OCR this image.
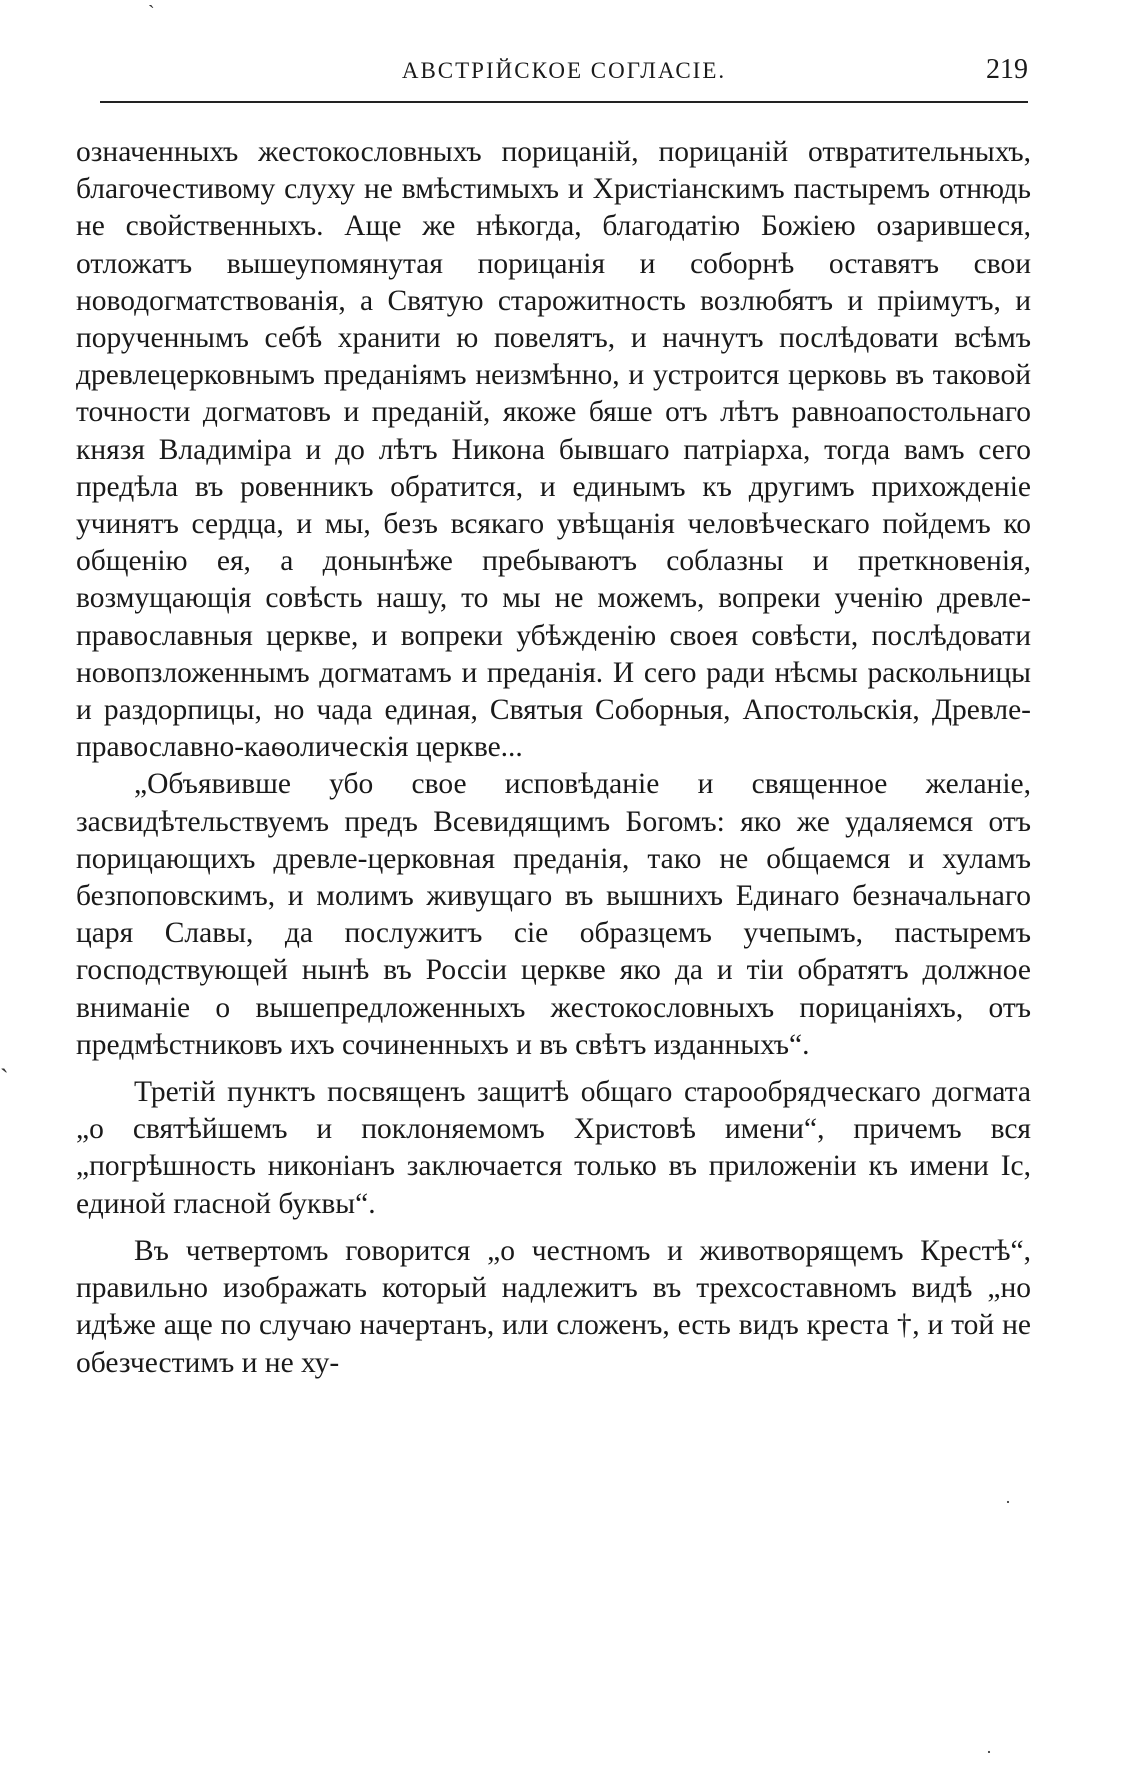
ˋ
ˏ
·
·
АВСТРІЙСКОЕ СОГЛАСІЕ.	219

означенныхъ жестокословныхъ порицаній, порицаній отвратительныхъ, благочестивому слуху не вмѣстимыхъ и Христіанскимъ пастыремъ отнюдь не свойственныхъ. Аще же нѣкогда, благодатію Божіею озарившеся, отложатъ вышеупомянутая порицанія и соборнѣ оставятъ свои новодогматствованія, а Святую старожитность возлюбятъ и пріимутъ, и порученнымъ себѣ хранити ю повелятъ, и начнутъ послѣдовати всѣмъ древлецерковнымъ преданіямъ неизмѣнно, и устроится церковь въ таковой точности догматовъ и преданій, якоже бяше отъ лѣтъ равноапостольнаго князя Владиміра и до лѣтъ Никона бывшаго патріарха, тогда вамъ сего предѣла въ ровенникъ обратится, и единымъ къ другимъ прихожденіе учинятъ сердца, и мы, безъ всякаго увѣщанія человѣческаго пойдемъ ко общенію ея, а донынѣже пребываютъ соблазны и преткновенія, возмущающія совѣсть нашу, то мы не можемъ, вопреки ученію древле-православныя церкве, и вопреки убѣжденію своея совѣсти, послѣдовати новопзложеннымъ догматамъ и преданія. И сего ради нѣсмы раскольницы и раздорпицы, но чада единая, Святыя Соборныя, Апостольскія, Древле-православно-каѳолическія церкве...

„Объявивше убо свое исповѣданіе и священное желаніе, засвидѣтельствуемъ предъ Всевидящимъ Богомъ: яко же удаляемся отъ порицающихъ древле-церковная преданія, тако не общаемся и хуламъ безпоповскимъ, и молимъ живущаго въ вышнихъ Единаго безначальнаго царя Славы, да послужитъ сіе образцемъ учепымъ, пастыремъ господствующей нынѣ въ Россіи церкве яко да и тіи обратятъ должное вниманіе о вышепредложенныхъ жестокословныхъ порицаніяхъ, отъ предмѣстниковъ ихъ сочиненныхъ и въ свѣтъ изданныхъ“.

Третій пунктъ посвященъ защитѣ общаго старообрядческаго догмата „о святѣйшемъ и поклоняемомъ Христовѣ имени“, причемъ вся „погрѣшность никоніанъ заключается только въ приложеніи къ имени Іс, единой гласной буквы“.

Въ четвертомъ говорится „о честномъ и животворящемъ Крестѣ“, правильно изображать который надлежитъ въ трехсоставномъ видѣ „но идѣже аще по случаю начертанъ, или сложенъ, есть видъ креста †, и той не обезчестимъ и не ху-
